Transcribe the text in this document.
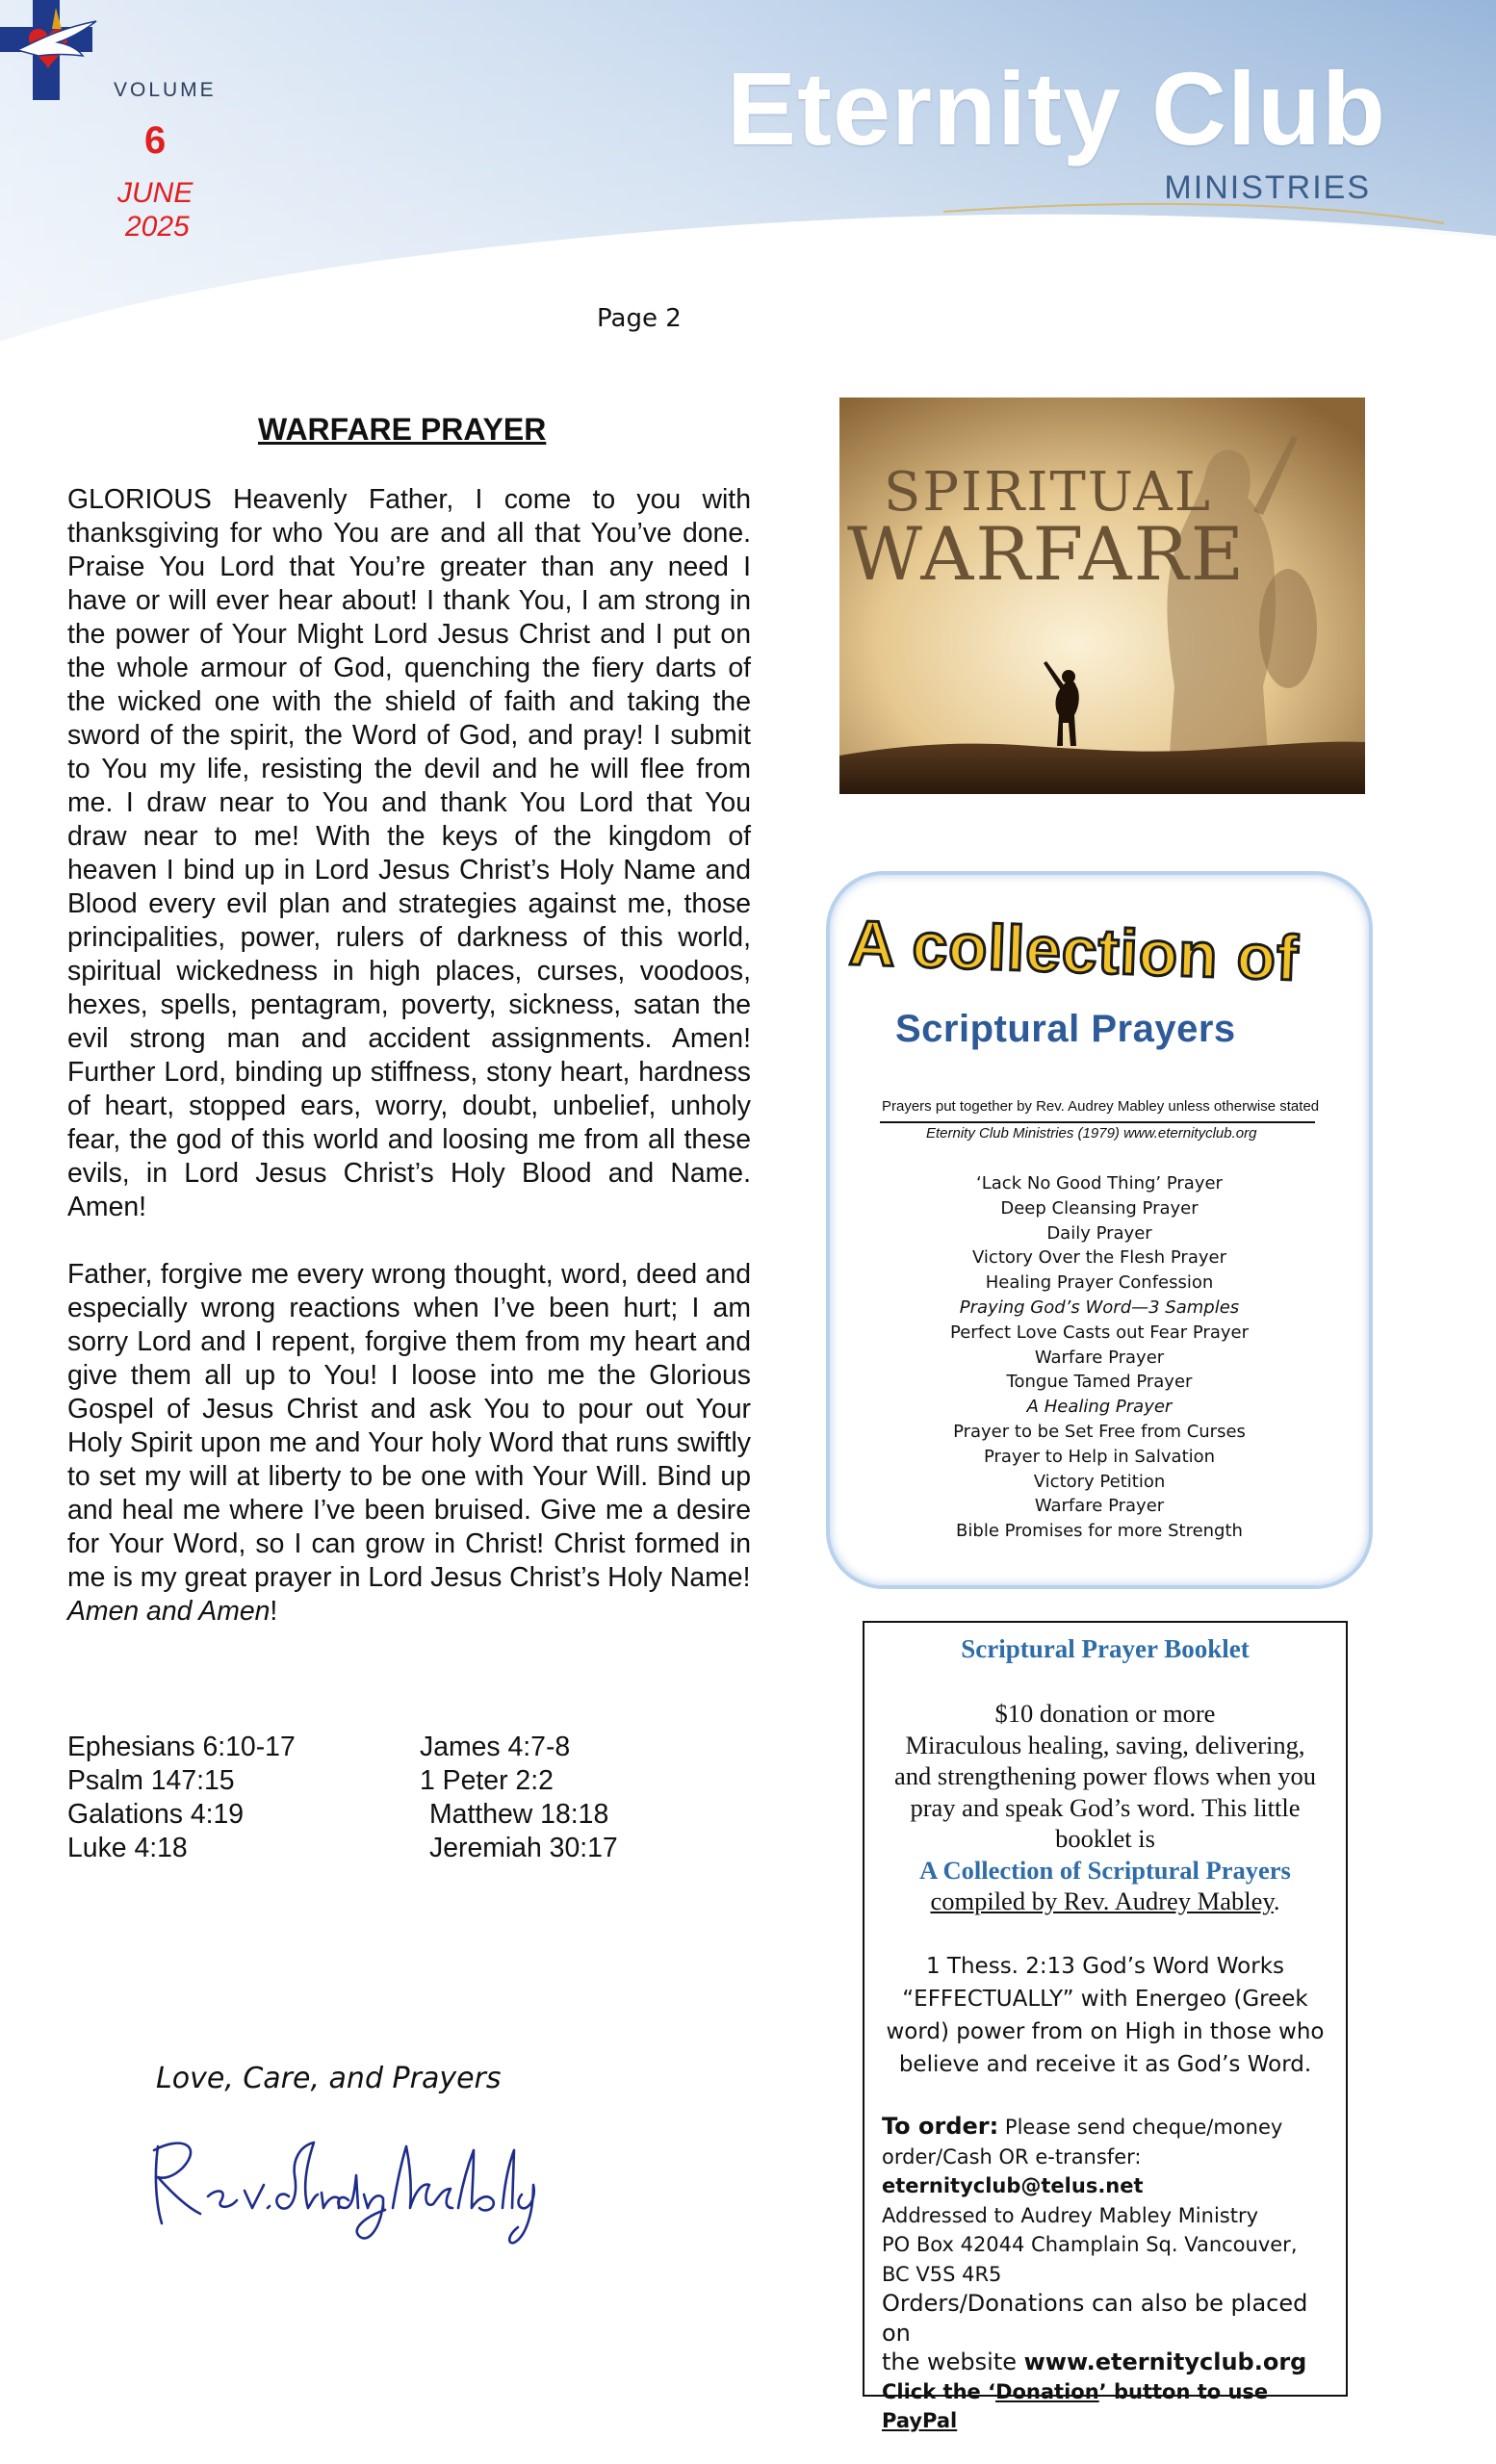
VOLUME
6
JUNE
2025
Eternity Club
MINISTRIES
Page 2
WARFARE PRAYER

GLORIOUS Heavenly Father, I come to you with thanksgiving for who You are and all that You’ve done. Praise You Lord that You’re greater than any need I have or will ever hear about! I thank You, I am strong in the power of Your Might Lord Jesus Christ and I put on the whole armour of God, quenching the fiery darts of the wicked one with the shield of faith and taking the sword of the spirit, the Word of God, and pray! I submit to You my life, resisting the devil and he will flee from me. I draw near to You and thank You Lord that You draw near to me! With the keys of the kingdom of heaven I bind up in Lord Jesus Christ’s Holy Name and Blood every evil plan and strategies against me, those principalities, power, rulers of darkness of this world, spiritual wickedness in high places, curses, voodoos, hexes, spells, pentagram, poverty, sickness, satan the evil strong man and accident assignments. Amen! Further Lord, binding up stiffness, stony heart, hardness of heart, stopped ears, worry, doubt, unbelief, unholy fear, the god of this world and loosing me from all these evils, in Lord Jesus Christ’s Holy Blood and Name. Amen!

Father, forgive me every wrong thought, word, deed and especially wrong reactions when I’ve been hurt; I am sorry Lord and I repent, forgive them from my heart and give them all up to You! I loose into me the Glorious Gospel of Jesus Christ and ask You to pour out Your Holy Spirit upon me and Your holy Word that runs swiftly to set my will at liberty to be one with Your Will. Bind up and heal me where I’ve been bruised. Give me a desire for Your Word, so I can grow in Christ! Christ formed in me is my great prayer in Lord Jesus Christ’s Holy Name!
Amen and Amen!

Ephesians 6:10-17	James 4:7-8
Psalm 147:15	1 Peter 2:2
Galations 4:19	Matthew 18:18
Luke 4:18	Jeremiah 30:17
Love, Care, and Prayers
SPIRITUAL
WARFARE
A collection of
Scriptural Prayers
Prayers put together by Rev. Audrey Mabley unless otherwise stated
Eternity Club Ministries (1979) www.eternityclub.org
‘Lack No Good Thing’ Prayer
Deep Cleansing Prayer
Daily Prayer
Victory Over the Flesh Prayer
Healing Prayer Confession
Praying God’s Word—3 Samples
Perfect Love Casts out Fear Prayer
Warfare Prayer
Tongue Tamed Prayer
A Healing Prayer
Prayer to be Set Free from Curses
Prayer to Help in Salvation
Victory Petition
Warfare Prayer
Bible Promises for more Strength
Scriptural Prayer Booklet
$10 donation or more
Miraculous healing, saving, delivering,
and strengthening power flows when you
pray and speak God’s word. This little
booklet is
A Collection of Scriptural Prayers
compiled by Rev. Audrey Mabley.
1 Thess. 2:13 God’s Word Works
“EFFECTUALLY” with Energeo (Greek
word) power from on High in those who
believe and receive it as God’s Word.
To order: Please send cheque/money
order/Cash OR e-transfer:
eternityclub@telus.net
Addressed to Audrey Mabley Ministry
PO Box 42044 Champlain Sq. Vancouver,
BC V5S 4R5
Orders/Donations can also be placed on
the website www.eternityclub.org
Click the ‘Donation’ button to use PayPal
